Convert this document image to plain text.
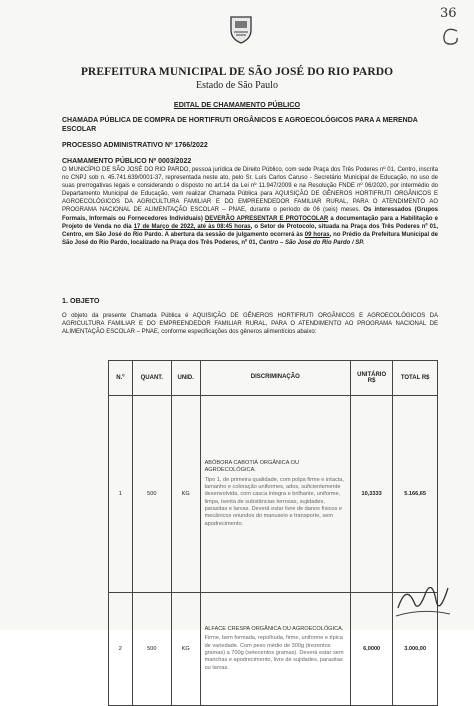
36
PREFEITURA MUNICIPAL DE SÃO JOSÉ DO RIO PARDO
Estado de São Paulo
EDITAL DE CHAMAMENTO PÚBLICO
CHAMADA PÚBLICA DE COMPRA DE HORTIFRUTI ORGÂNICOS E AGROECOLÓGICOS PARA A MERENDA ESCOLAR
PROCESSO ADMINISTRATIVO Nº 1766/2022
CHAMAMENTO PÚBLICO Nº 0003/2022
O MUNICÍPIO DE SÃO JOSÉ DO RIO PARDO, pessoa jurídica de Direito Público, com sede Praça dos Três Poderes nº 01, Centro, inscrita no CNPJ sob n. 45.741.639/0001-37, representada neste ato, pelo Sr. Luís Carlos Caruso - Secretário Municipal de Educação, no uso de suas prerrogativas legais e considerando o disposto no art.14 da Lei nº 11.947/2009 e na Resolução FNDE nº 06/2020, por intermédio do Departamento Municipal de Educação, vem realizar Chamada Pública para AQUISIÇÃO DE GÊNEROS HORTIFRUTI ORGÂNICOS E AGROECOLÓGICOS DA AGRICULTURA FAMILIAR E DO EMPREENDEDOR FAMILIAR RURAL, PARA O ATENDIMENTO AO PROGRAMA NACIONAL DE ALIMENTAÇÃO ESCOLAR – PNAE, durante o período de 06 (seis) meses. Os interessados (Grupos Formais, Informais ou Fornecedores Individuais) DEVERÃO APRESENTAR E PROTOCOLAR a documentação para a Habilitação e Projeto de Venda no dia 17 de Março de 2022, até às 08:45 horas, o Setor de Protocolo, situada na Praça dos Três Poderes nº 01, Centro, em São José do Rio Pardo. A abertura da sessão de julgamento ocorrerá às 09 horas, no Prédio da Prefeitura Municipal de São José do Rio Pardo, localizado na Praça dos Três Poderes, nº 01, Centro – São José do Rio Pardo / SP.
1. OBJETO
O objeto da presente Chamada Pública é AQUISIÇÃO DE GÊNEROS HORTIFRUTI ORGÂNICOS E AGROECOLÓGICOS DA AGRICULTURA FAMILIAR E DO EMPREENDEDOR FAMILIAR RURAL, PARA O ATENDIMENTO AO PROGRAMA NACIONAL DE ALIMENTAÇÃO ESCOLAR – PNAE, conforme especificações dos gêneros alimentícios abaixo:
N.º	QUANT.	UNID.	DISCRIMINAÇÃO	UNITÁRIO R$	TOTAL R$
1	500	KG	ABÓBORA CABOTIÁ ORGÂNICA OU AGROECOLÓGICA.
Tipo 1, de primeira qualidade, com polpa firme e intacta, tamanho e coloração uniformes, ados, suficientemente desenvolvida, com casca íntegra e brilhante, uniforme, limpa, isenta de substâncias terrosas, sujidades, parasitas e larvas. Deverá estar livre de danos físicos e mecânicos oriundos do manuseio e transporte, sem apodrecimento.	10,3333	5.166,65
2	500	KG	ALFACE CRESPA ORGÂNICA OU AGROECOLÓGICA.
Firme, bem formada, repolhuda, firme, uniforme e típica de variedade. Com peso médio de 300g (trezentos gramas) a 700g (setecentos gramas). Deverá estar sem manchas e apodrecimento, livre de sujidades, parasitas ou larvas.	6,0000	3.000,00
